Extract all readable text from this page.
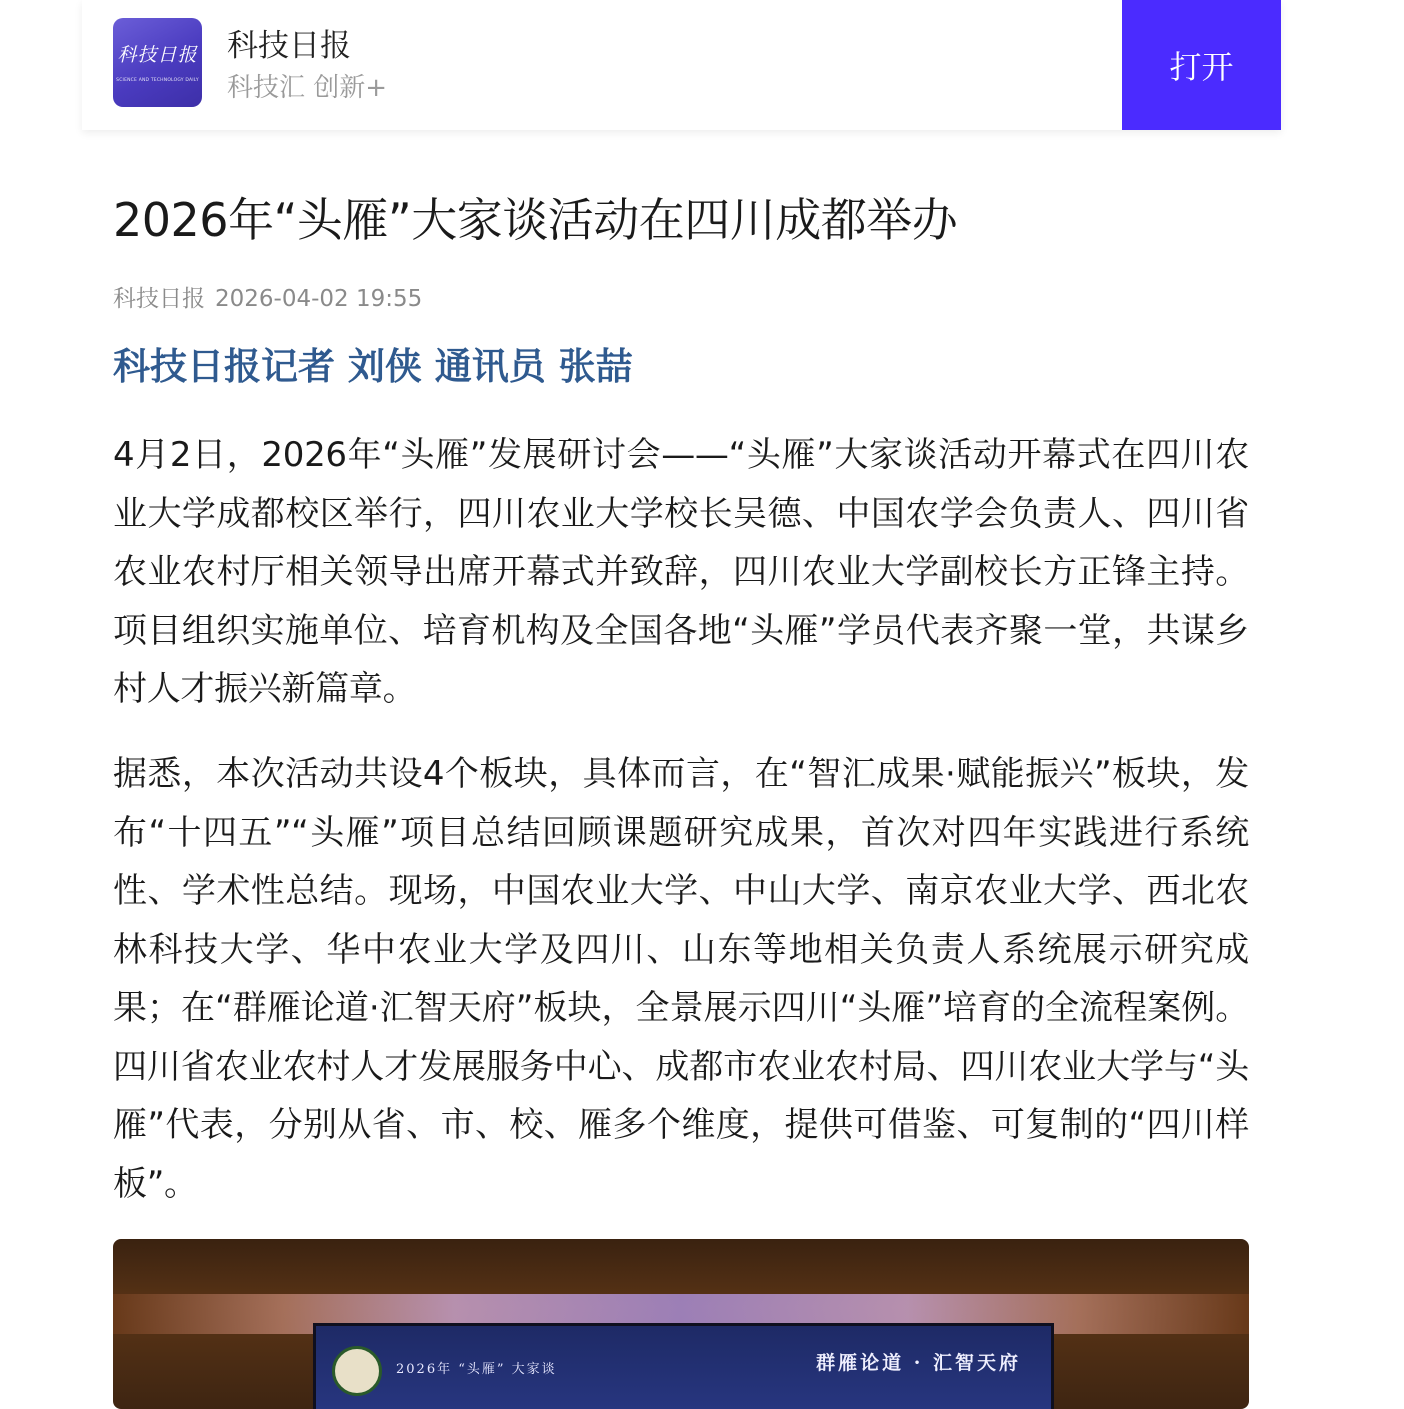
科技日报
SCIENCE AND TECHNOLOGY DAILY
科技日报
科技汇 创新+
打开
2026年“头雁”大家谈活动在四川成都举办
科技日报 2026-04-02 19:55
科技日报记者 刘侠 通讯员 张喆

4月2日，2026年“头雁”发展研讨会——“头雁”大家谈活动开幕式在四川农业大学成都校区举行，四川农业大学校长吴德、中国农学会负责人、四川省农业农村厅相关领导出席开幕式并致辞，四川农业大学副校长方正锋主持。项目组织实施单位、培育机构及全国各地“头雁”学员代表齐聚一堂，共谋乡村人才振兴新篇章。

据悉，本次活动共设4个板块，具体而言，在“智汇成果·赋能振兴”板块，发布“十四五”“头雁”项目总结回顾课题研究成果，首次对四年实践进行系统性、学术性总结。现场，中国农业大学、中山大学、南京农业大学、西北农林科技大学、华中农业大学及四川、山东等地相关负责人系统展示研究成果；在“群雁论道·汇智天府”板块，全景展示四川“头雁”培育的全流程案例。四川省农业农村人才发展服务中心、成都市农业农村局、四川农业大学与“头雁”代表，分别从省、市、校、雁多个维度，提供可借鉴、可复制的“四川样板”。

2026年 “头雁” 大家谈	群雁论道 · 汇智天府
